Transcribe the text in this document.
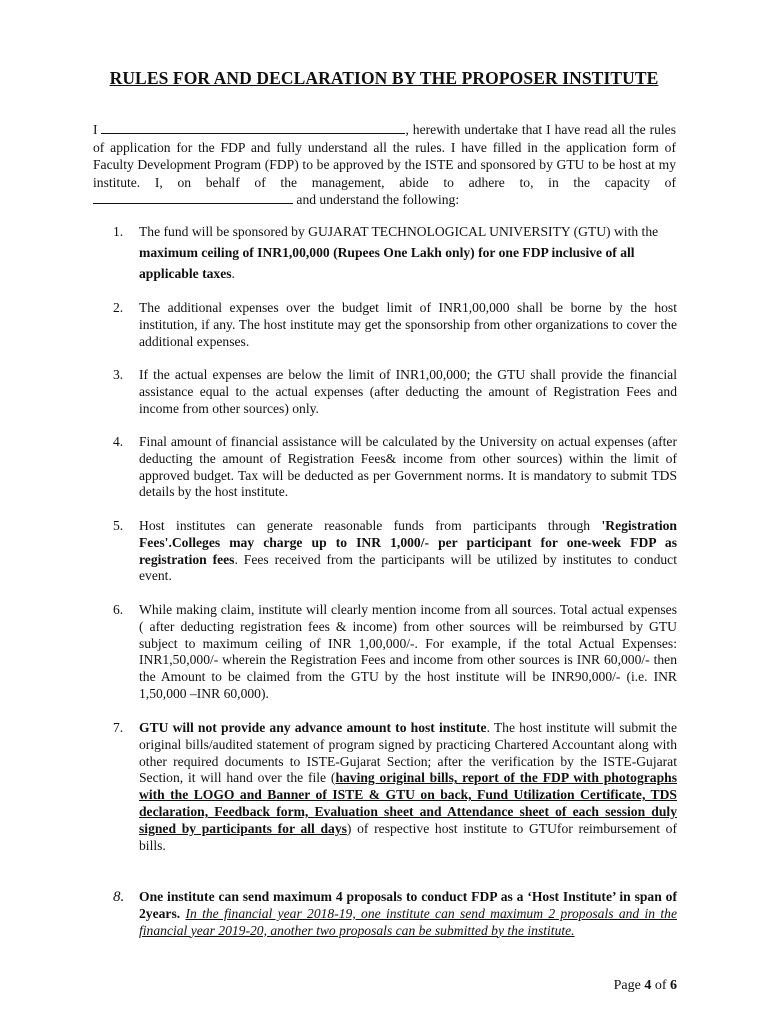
RULES FOR AND DECLARATION BY THE PROPOSER INSTITUTE
I	, herewith undertake that I have read all the rules of application for the FDP and fully understand all the rules. I have filled in the application form of Faculty Development Program (FDP) to be approved by the ISTE and sponsored by GTU to be host at my institute. I, on behalf of the management, abide to adhere to, in the capacity of  and understand the following:
1.	The fund will be sponsored by GUJARAT TECHNOLOGICAL UNIVERSITY (GTU) with the maximum ceiling of INR1,00,000 (Rupees One Lakh only) for one FDP inclusive of all applicable taxes.
2.	The additional expenses over the budget limit of INR1,00,000 shall be borne by the host institution, if any. The host institute may get the sponsorship from other organizations to cover the additional expenses.
3.	If the actual expenses are below the limit of INR1,00,000; the GTU shall provide the financial assistance equal to the actual expenses (after deducting the amount of Registration Fees and income from other sources) only.
4.	Final amount of financial assistance will be calculated by the University on actual expenses (after deducting the amount of Registration Fees& income from other sources) within the limit of approved budget. Tax will be deducted as per Government norms. It is mandatory to submit TDS details by the host institute.
5.	Host institutes can generate reasonable funds from participants through 'Registration Fees'.Colleges may charge up to INR 1,000/- per participant for one-week FDP as registration fees. Fees received from the participants will be utilized by institutes to conduct event.
6.	While making claim, institute will clearly mention income from all sources. Total actual expenses ( after deducting registration fees & income) from other sources will be reimbursed by GTU subject to maximum ceiling of INR 1,00,000/-. For example, if the total Actual Expenses: INR1,50,000/- wherein the Registration Fees and income from other sources is INR 60,000/- then the Amount to be claimed from the GTU by the host institute will be INR90,000/- (i.e. INR 1,50,000 –INR 60,000).
7.	GTU will not provide any advance amount to host institute. The host institute will submit the original bills/audited statement of program signed by practicing Chartered Accountant along with other required documents to ISTE-Gujarat Section; after the verification by the ISTE-Gujarat Section, it will hand over the file (having original bills, report of the FDP with photographs with the LOGO and Banner of ISTE & GTU on back, Fund Utilization Certificate, TDS declaration, Feedback form, Evaluation sheet and Attendance sheet of each session duly signed by participants for all days) of respective host institute to GTUfor reimbursement of bills.
8.	One institute can send maximum 4 proposals to conduct FDP as a ‘Host Institute’ in span of 2years. In the financial year 2018-19, one institute can send maximum 2 proposals and in the financial year 2019-20, another two proposals can be submitted by the institute.
Page 4 of 6
